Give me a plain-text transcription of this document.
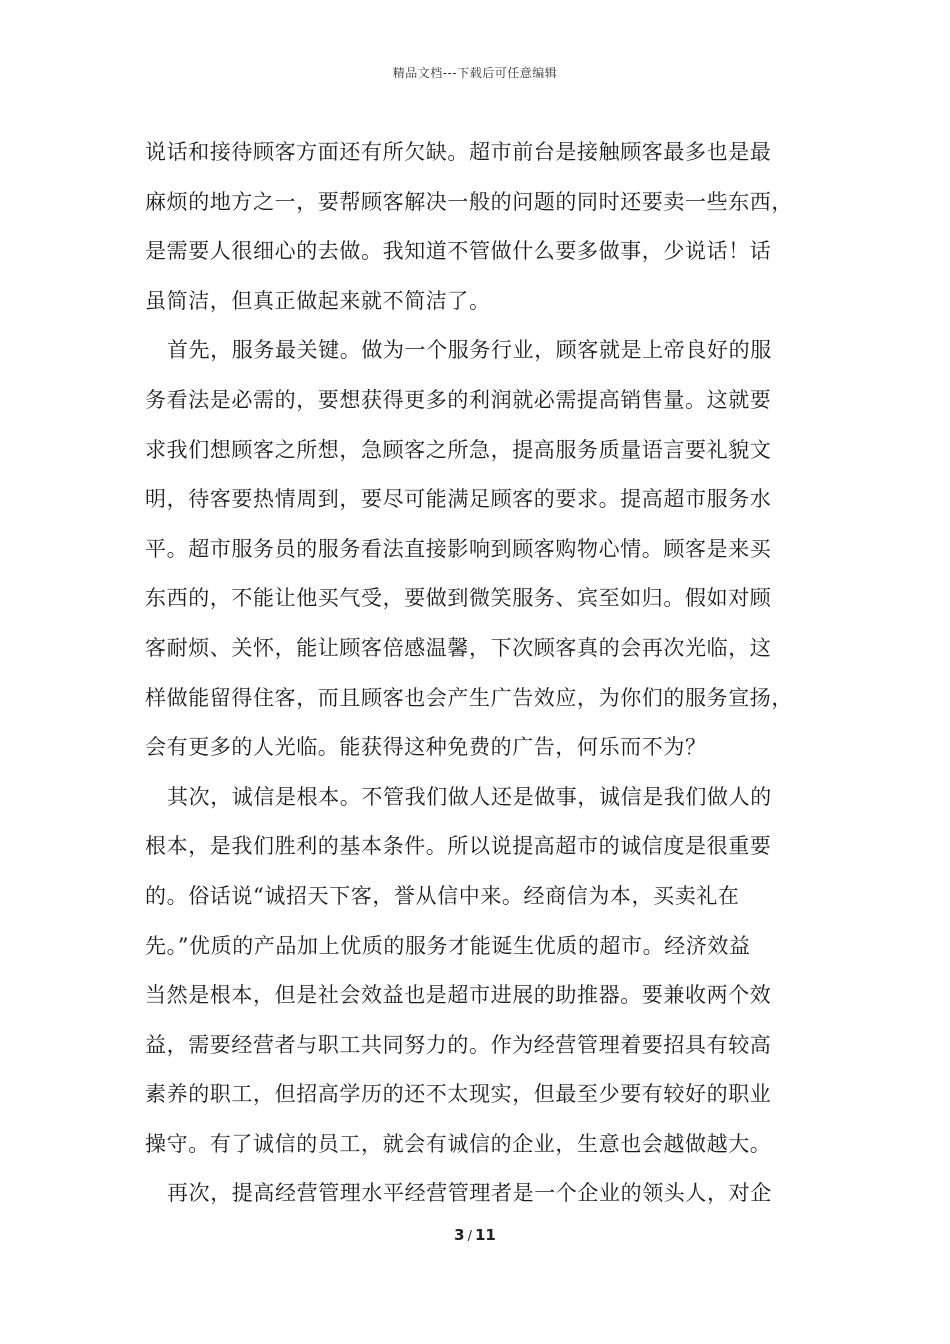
精品文档---下载后可任意编辑
说话和接待顾客方面还有所欠缺。超市前台是接触顾客最多也是最
麻烦的地方之一，要帮顾客解决一般的问题的同时还要卖一些东西，
是需要人很细心的去做。我知道不管做什么要多做事，少说话！话
虽简洁，但真正做起来就不简洁了。
首先，服务最关键。做为一个服务行业，顾客就是上帝良好的服
务看法是必需的，要想获得更多的利润就必需提高销售量。这就要
求我们想顾客之所想，急顾客之所急，提高服务质量语言要礼貌文
明，待客要热情周到，要尽可能满足顾客的要求。提高超市服务水
平。超市服务员的服务看法直接影响到顾客购物心情。顾客是来买
东西的，不能让他买气受，要做到微笑服务、宾至如归。假如对顾
客耐烦、关怀，能让顾客倍感温馨，下次顾客真的会再次光临，这
样做能留得住客，而且顾客也会产生广告效应，为你们的服务宣扬，
会有更多的人光临。能获得这种免费的广告，何乐而不为？
其次，诚信是根本。不管我们做人还是做事，诚信是我们做人的
根本，是我们胜利的基本条件。所以说提高超市的诚信度是很重要
的。俗话说“诚招天下客，誉从信中来。经商信为本，买卖礼在
先。”优质的产品加上优质的服务才能诞生优质的超市。经济效益
当然是根本，但是社会效益也是超市进展的助推器。要兼收两个效
益，需要经营者与职工共同努力的。作为经营管理着要招具有较高
素养的职工，但招高学历的还不太现实，但最至少要有较好的职业
操守。有了诚信的员工，就会有诚信的企业，生意也会越做越大。
再次，提高经营管理水平经营管理者是一个企业的领头人，对企
3 / 11
